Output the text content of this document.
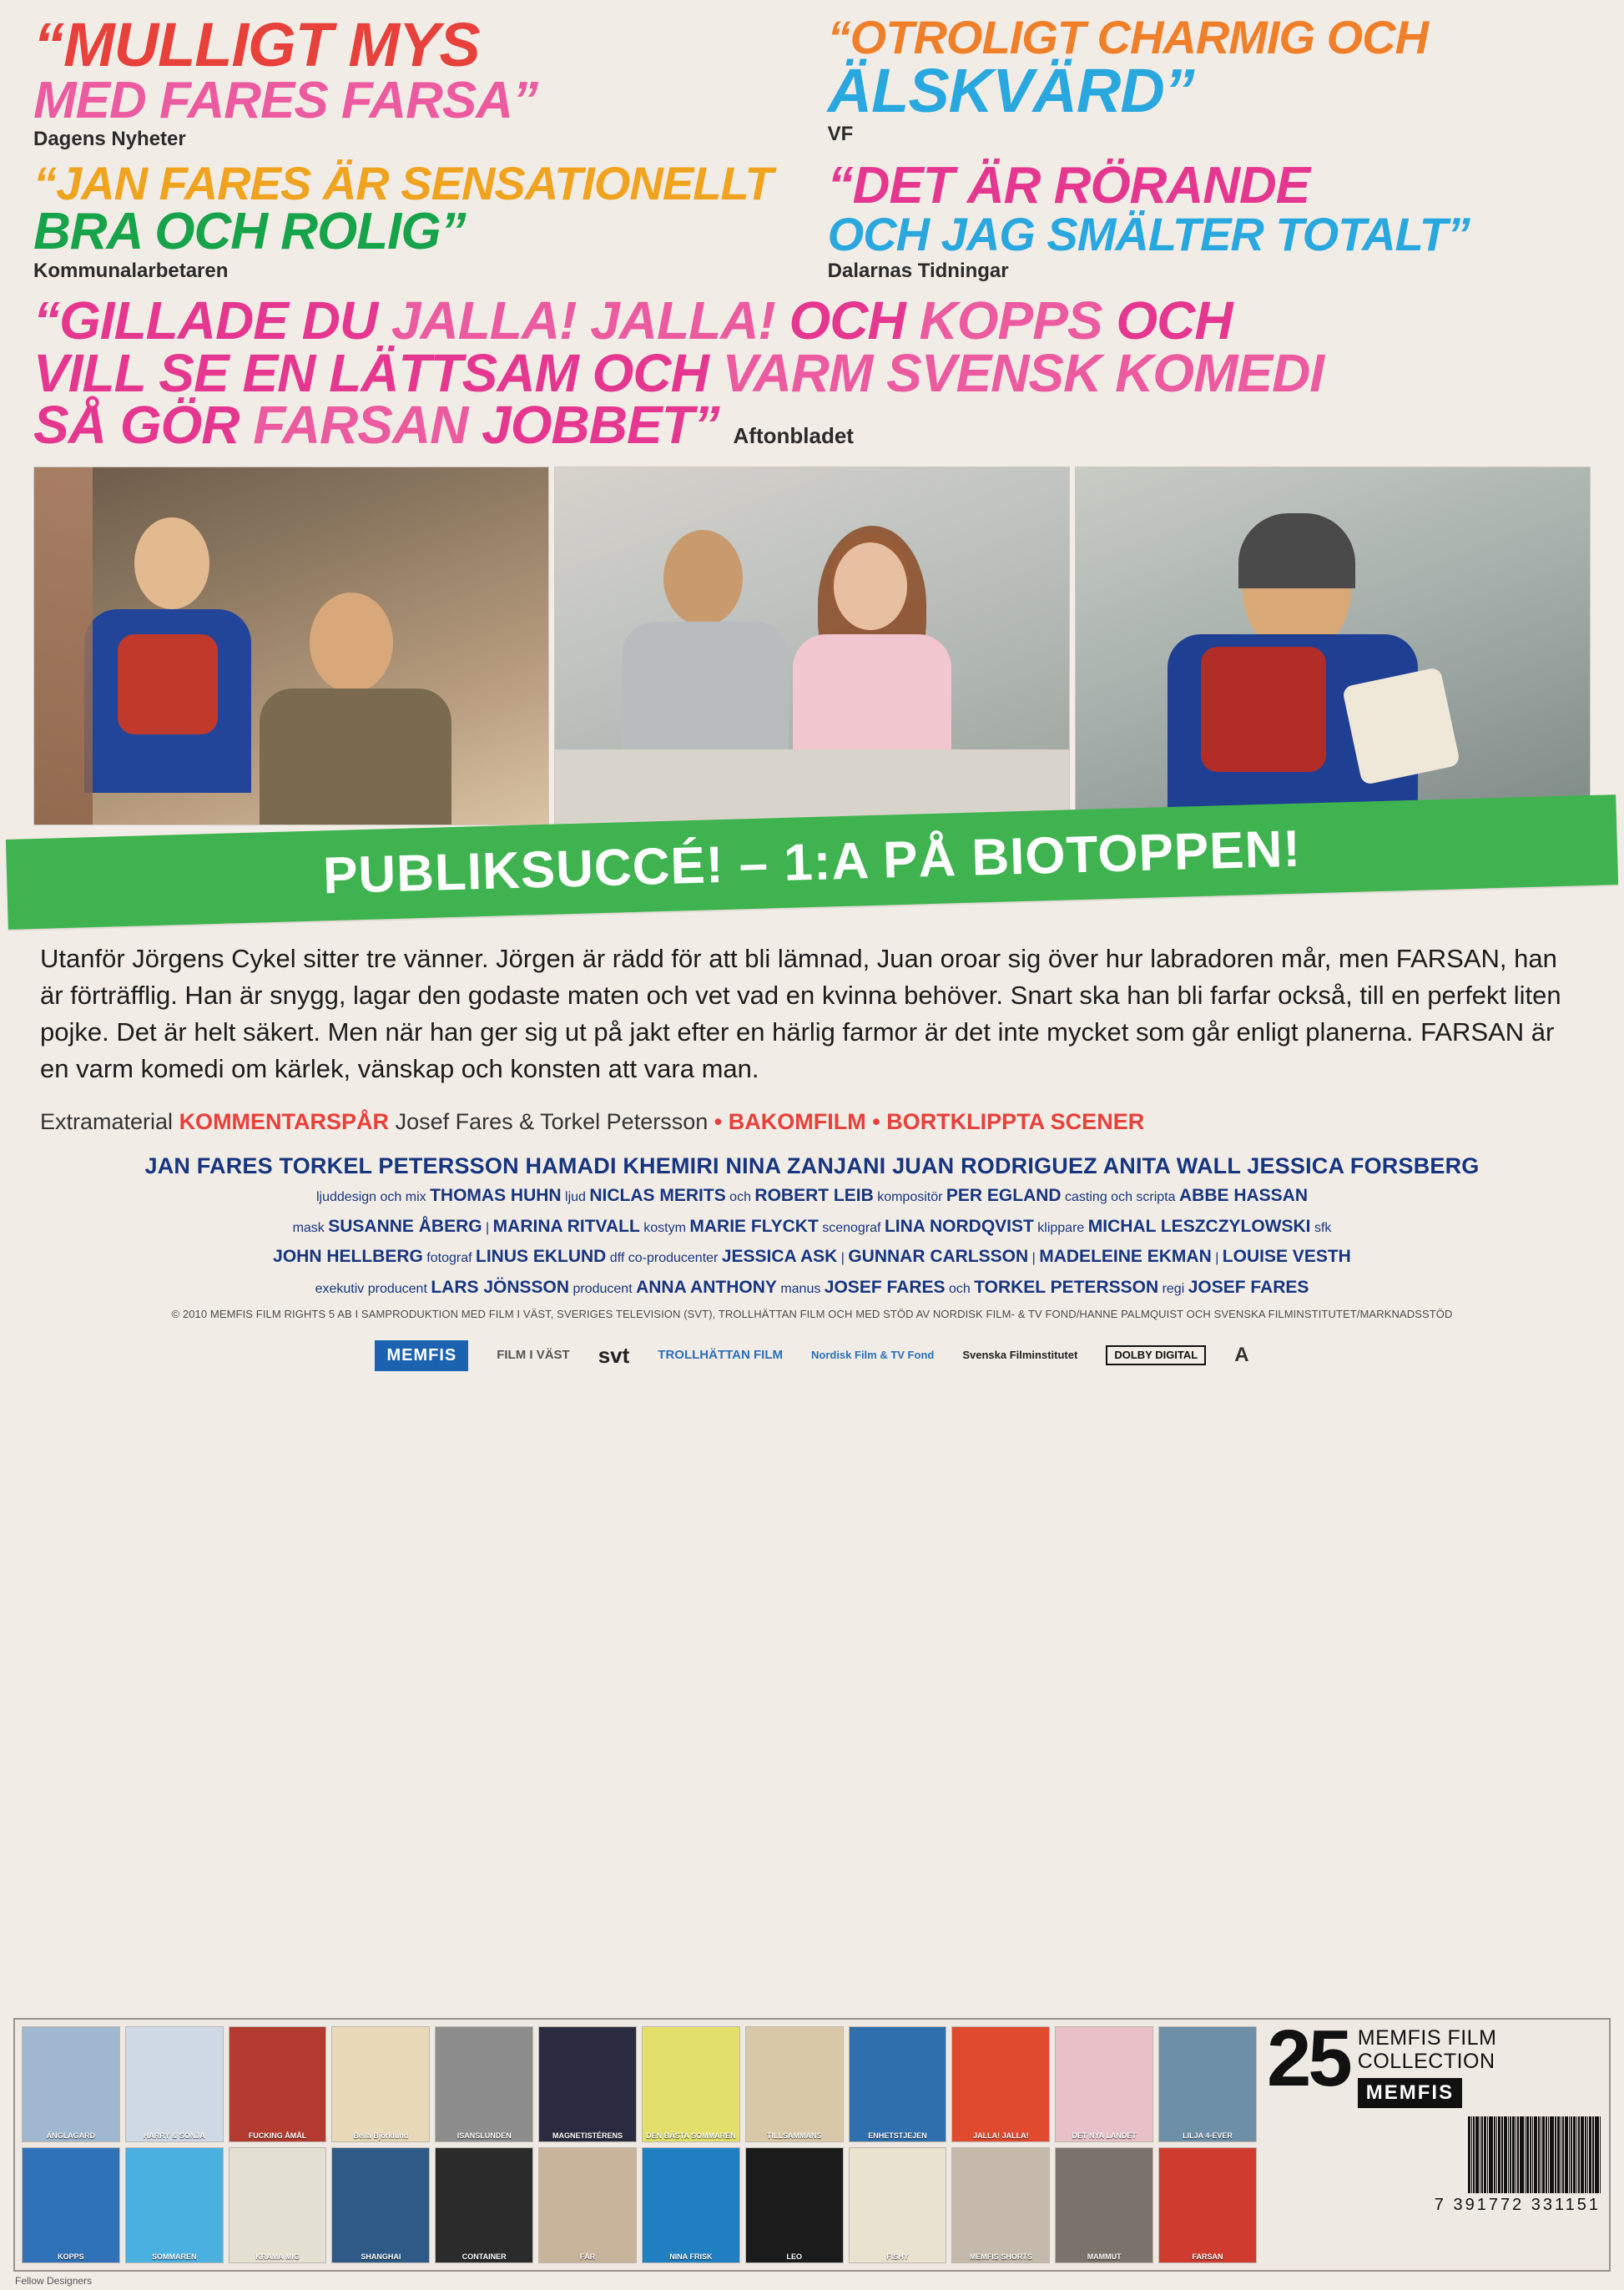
“MULLIGT MYS
MED FARES FARSA”
Dagens Nyheter
“OTROLIGT CHARMIG OCH
ÄLSKVÄRD”
VF
“JAN FARES ÄR SENSATIONELLT
BRA OCH ROLIG”
Kommunalarbetaren
“DET ÄR RÖRANDE
OCH JAG SMÄLTER TOTALT”
Dalarnas Tidningar
“GILLADE DU JALLA! JALLA! OCH KOPPS OCH
VILL SE EN LÄTTSAM OCH VARM SVENSK KOMEDI
SÅ GÖR FARSAN JOBBET” Aftonbladet
PUBLIKSUCCÉ! – 1:A PÅ BIOTOPPEN!
Utanför Jörgens Cykel sitter tre vänner. Jörgen är rädd för att bli lämnad, Juan oroar sig över hur labradoren mår, men FARSAN, han är förträfflig. Han är snygg, lagar den godaste maten och vet vad en kvinna behöver. Snart ska han bli farfar också, till en perfekt liten pojke. Det är helt säkert. Men när han ger sig ut på jakt efter en härlig farmor är det inte mycket som går enligt planerna. FARSAN är en varm komedi om kärlek, vänskap och konsten att vara man.
Extramaterial KOMMENTARSPÅR Josef Fares & Torkel Petersson • BAKOMFILM • BORTKLIPPTA SCENER
JAN FARES TORKEL PETERSSON HAMADI KHEMIRI NINA ZANJANI JUAN RODRIGUEZ ANITA WALL JESSICA FORSBERG
ljuddesign och mix THOMAS HUHN ljud NICLAS MERITS och ROBERT LEIB kompositör PER EGLAND casting och scripta ABBE HASSAN
mask SUSANNE ÅBERG | MARINA RITVALL kostym MARIE FLYCKT scenograf LINA NORDQVIST klippare MICHAL LESZCZYLOWSKI sfk
JOHN HELLBERG fotograf LINUS EKLUND dff co-producenter JESSICA ASK | GUNNAR CARLSSON | MADELEINE EKMAN | LOUISE VESTH
exekutiv producent LARS JÖNSSON producent ANNA ANTHONY manus JOSEF FARES och TORKEL PETERSSON regi JOSEF FARES
© 2010 MEMFIS FILM RIGHTS 5 AB I SAMPRODUKTION MED FILM I VÄST, SVERIGES TELEVISION (SVT), TROLLHÄTTAN FILM OCH MED STÖD AV NORDISK FILM- & TV FOND/HANNE PALMQUIST OCH SVENSKA FILMINSTITUTET/MARKNADSSTÖD
MEMFIS	FILM I VÄST svt TROLLHÄTTAN FILM	Nordisk Film & TV Fond	Svenska Filminstitutet	DOLBY DIGITAL	A
ÄNGLAGARD	HARRY & SONJA	FUCKING ÅMÅL	Bella Björklund	ISANSLUNDEN	MAGNETISTÉRENS	DEN BÄSTA SOMMAREN	TILLSAMMANS	ENHETSTJEJEN	JALLA! JALLA!	DET NYA LANDET	LILJA 4-EVER
KOPPS	SOMMAREN	KRAMA MIG	SHANGHAI	CONTAINER	FÅR	NINA FRISK	LEO	FISHY	MEMFIS SHORTS	MAMMUT	FARSAN
25 MEMFIS FILM
COLLECTION
MEMFIS
7 391772 331151
Fellow Designers
